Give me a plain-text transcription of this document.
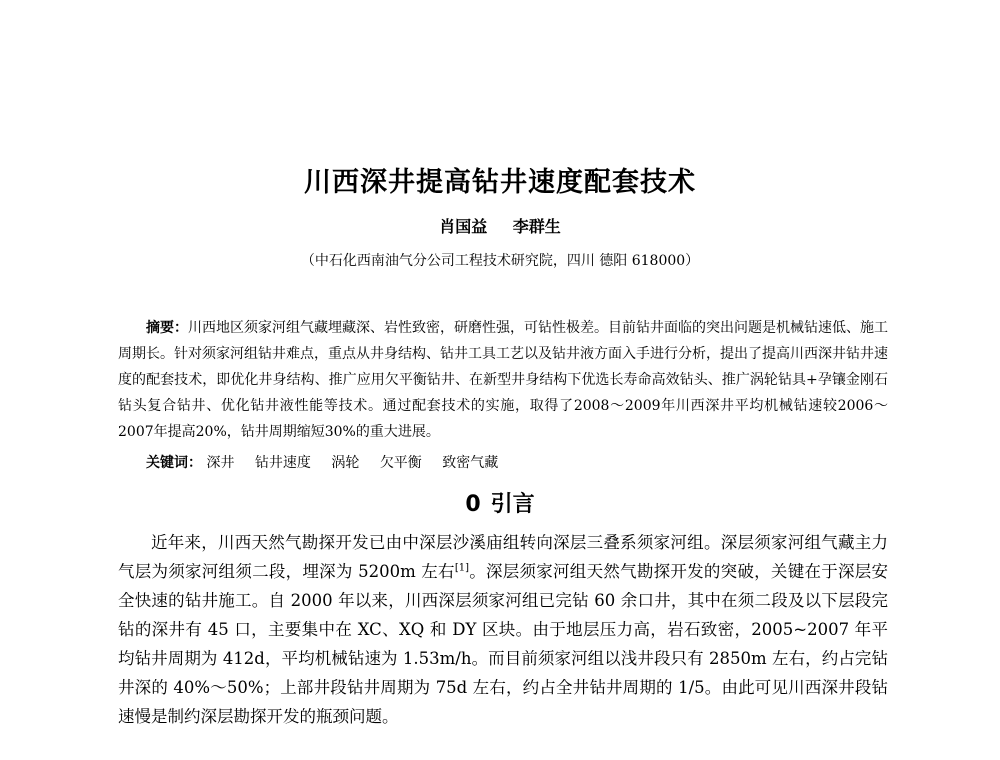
川西深井提高钻井速度配套技术
肖国益 李群生
（中石化西南油气分公司工程技术研究院，四川 德阳 618000）
摘要：川西地区须家河组气藏埋藏深、岩性致密，研磨性强，可钻性极差。目前钻井面临的突出问题是机械钻速低、施工周期长。针对须家河组钻井难点，重点从井身结构、钻井工具工艺以及钻井液方面入手进行分析，提出了提高川西深井钻井速度的配套技术，即优化井身结构、推广应用欠平衡钻井、在新型井身结构下优选长寿命高效钻头、推广涡轮钻具+孕镶金刚石钻头复合钻井、优化钻井液性能等技术。通过配套技术的实施，取得了2008～2009年川西深井平均机械钻速较2006～2007年提高20%，钻井周期缩短30%的重大进展。
关键词： 深井 钻井速度 涡轮 欠平衡 致密气藏
0 引言
近年来，川西天然气勘探开发已由中深层沙溪庙组转向深层三叠系须家河组。深层须家河组气藏主力气层为须家河组须二段，埋深为 5200m 左右[1]。深层须家河组天然气勘探开发的突破，关键在于深层安全快速的钻井施工。自 2000 年以来，川西深层须家河组已完钻 60 余口井，其中在须二段及以下层段完钻的深井有 45 口，主要集中在 XC、XQ 和 DY 区块。由于地层压力高，岩石致密，2005~2007 年平均钻井周期为 412d，平均机械钻速为 1.53m/h。而目前须家河组以浅井段只有 2850m 左右，约占完钻井深的 40%～50%；上部井段钻井周期为 75d 左右，约占全井钻井周期的 1/5。由此可见川西深井段钻速慢是制约深层勘探开发的瓶颈问题。
